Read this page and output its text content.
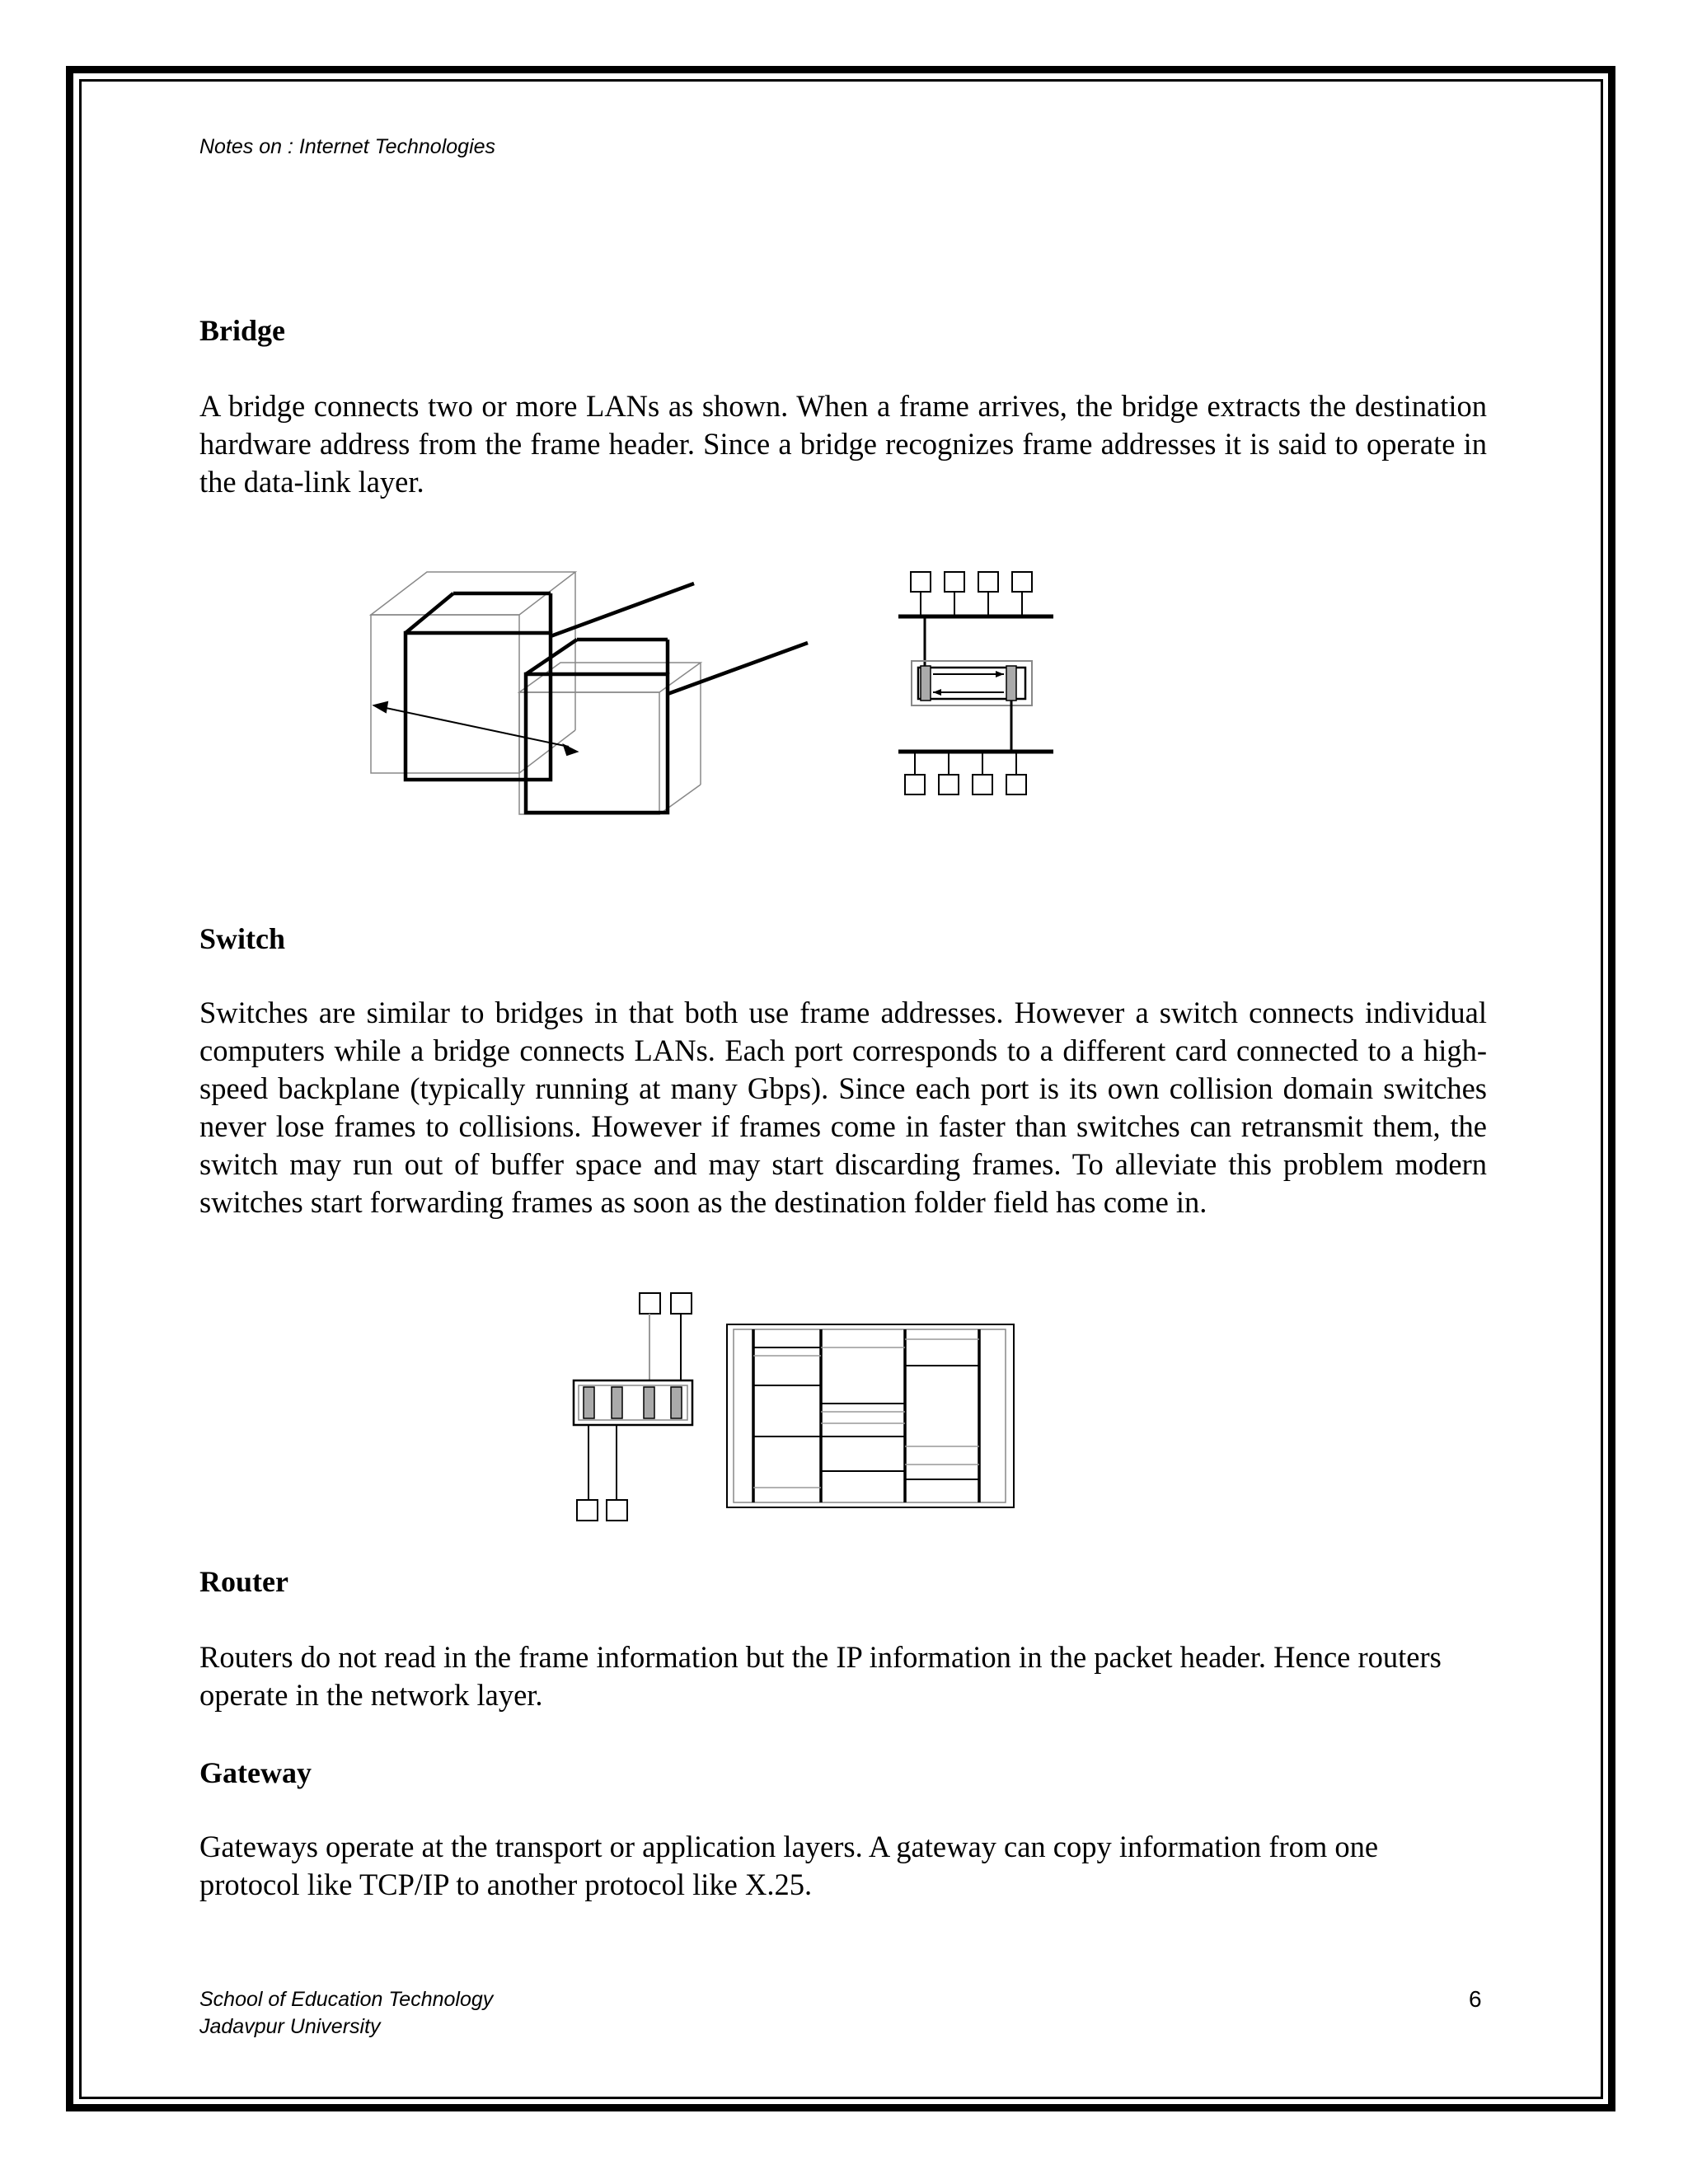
Notes on : Internet Technologies
Bridge

A bridge connects two or more LANs as shown. When a frame arrives, the bridge extracts the destination hardware address from the frame header. Since a bridge recognizes frame addresses it is said to operate in the data-link layer.

Switch

Switches are similar to bridges in that both use frame addresses. However a switch connects individual computers while a bridge connects LANs. Each port corresponds to a different card connected to a high-speed backplane (typically running at many Gbps). Since each port is its own collision domain switches never lose frames to collisions. However if frames come in faster than switches can retransmit them, the switch may run out of buffer space and may start discarding frames. To alleviate this problem modern switches start forwarding frames as soon as the destination folder field has come in.

Router

Routers do not read in the frame information but the IP information in the packet header. Hence routers operate in the network layer.

Gateway

Gateways operate at the transport or application layers. A gateway can copy information from one protocol like TCP/IP to another protocol like X.25.

School of Education Technology
Jadavpur University
6
